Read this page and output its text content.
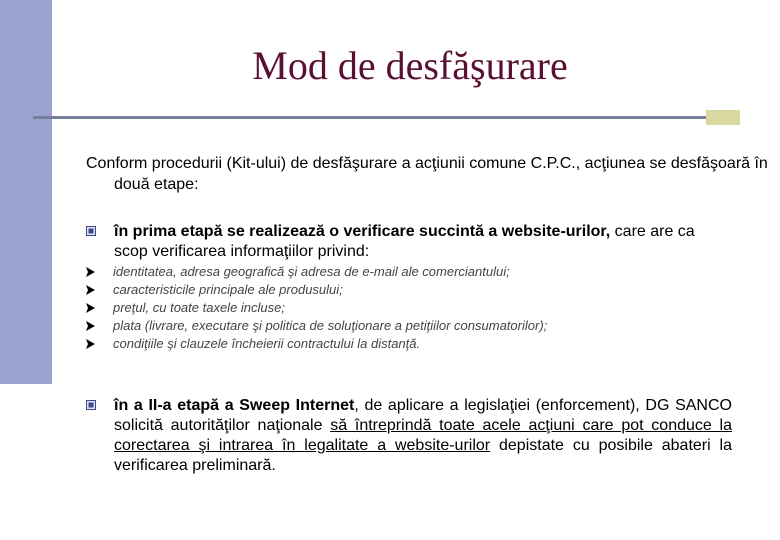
Mod de desfăşurare
Conform procedurii (Kit-ului) de desfăşurare a acţiunii comune C.P.C., acţiunea se desfăşoară în două etape:
în prima etapă se realizează o verificare succintă a website-urilor, care are ca scop verificarea informaţiilor privind:
identitatea, adresa geografică şi adresa de e-mail ale comerciantului;
caracteristicile principale ale produsului;
preţul, cu toate taxele incluse;
plata (livrare, executare şi politica de soluţionare a petiţiilor consumatorilor);
condiţiile şi clauzele încheierii contractului la distanţă.
în a II-a etapă a Sweep Internet, de aplicare a legislaţiei (enforcement), DG SANCO solicită autorităţilor naţionale să întreprindă toate acele acţiuni care pot conduce la corectarea şi intrarea în legalitate a website-urilor depistate cu posibile abateri la verificarea preliminară.
